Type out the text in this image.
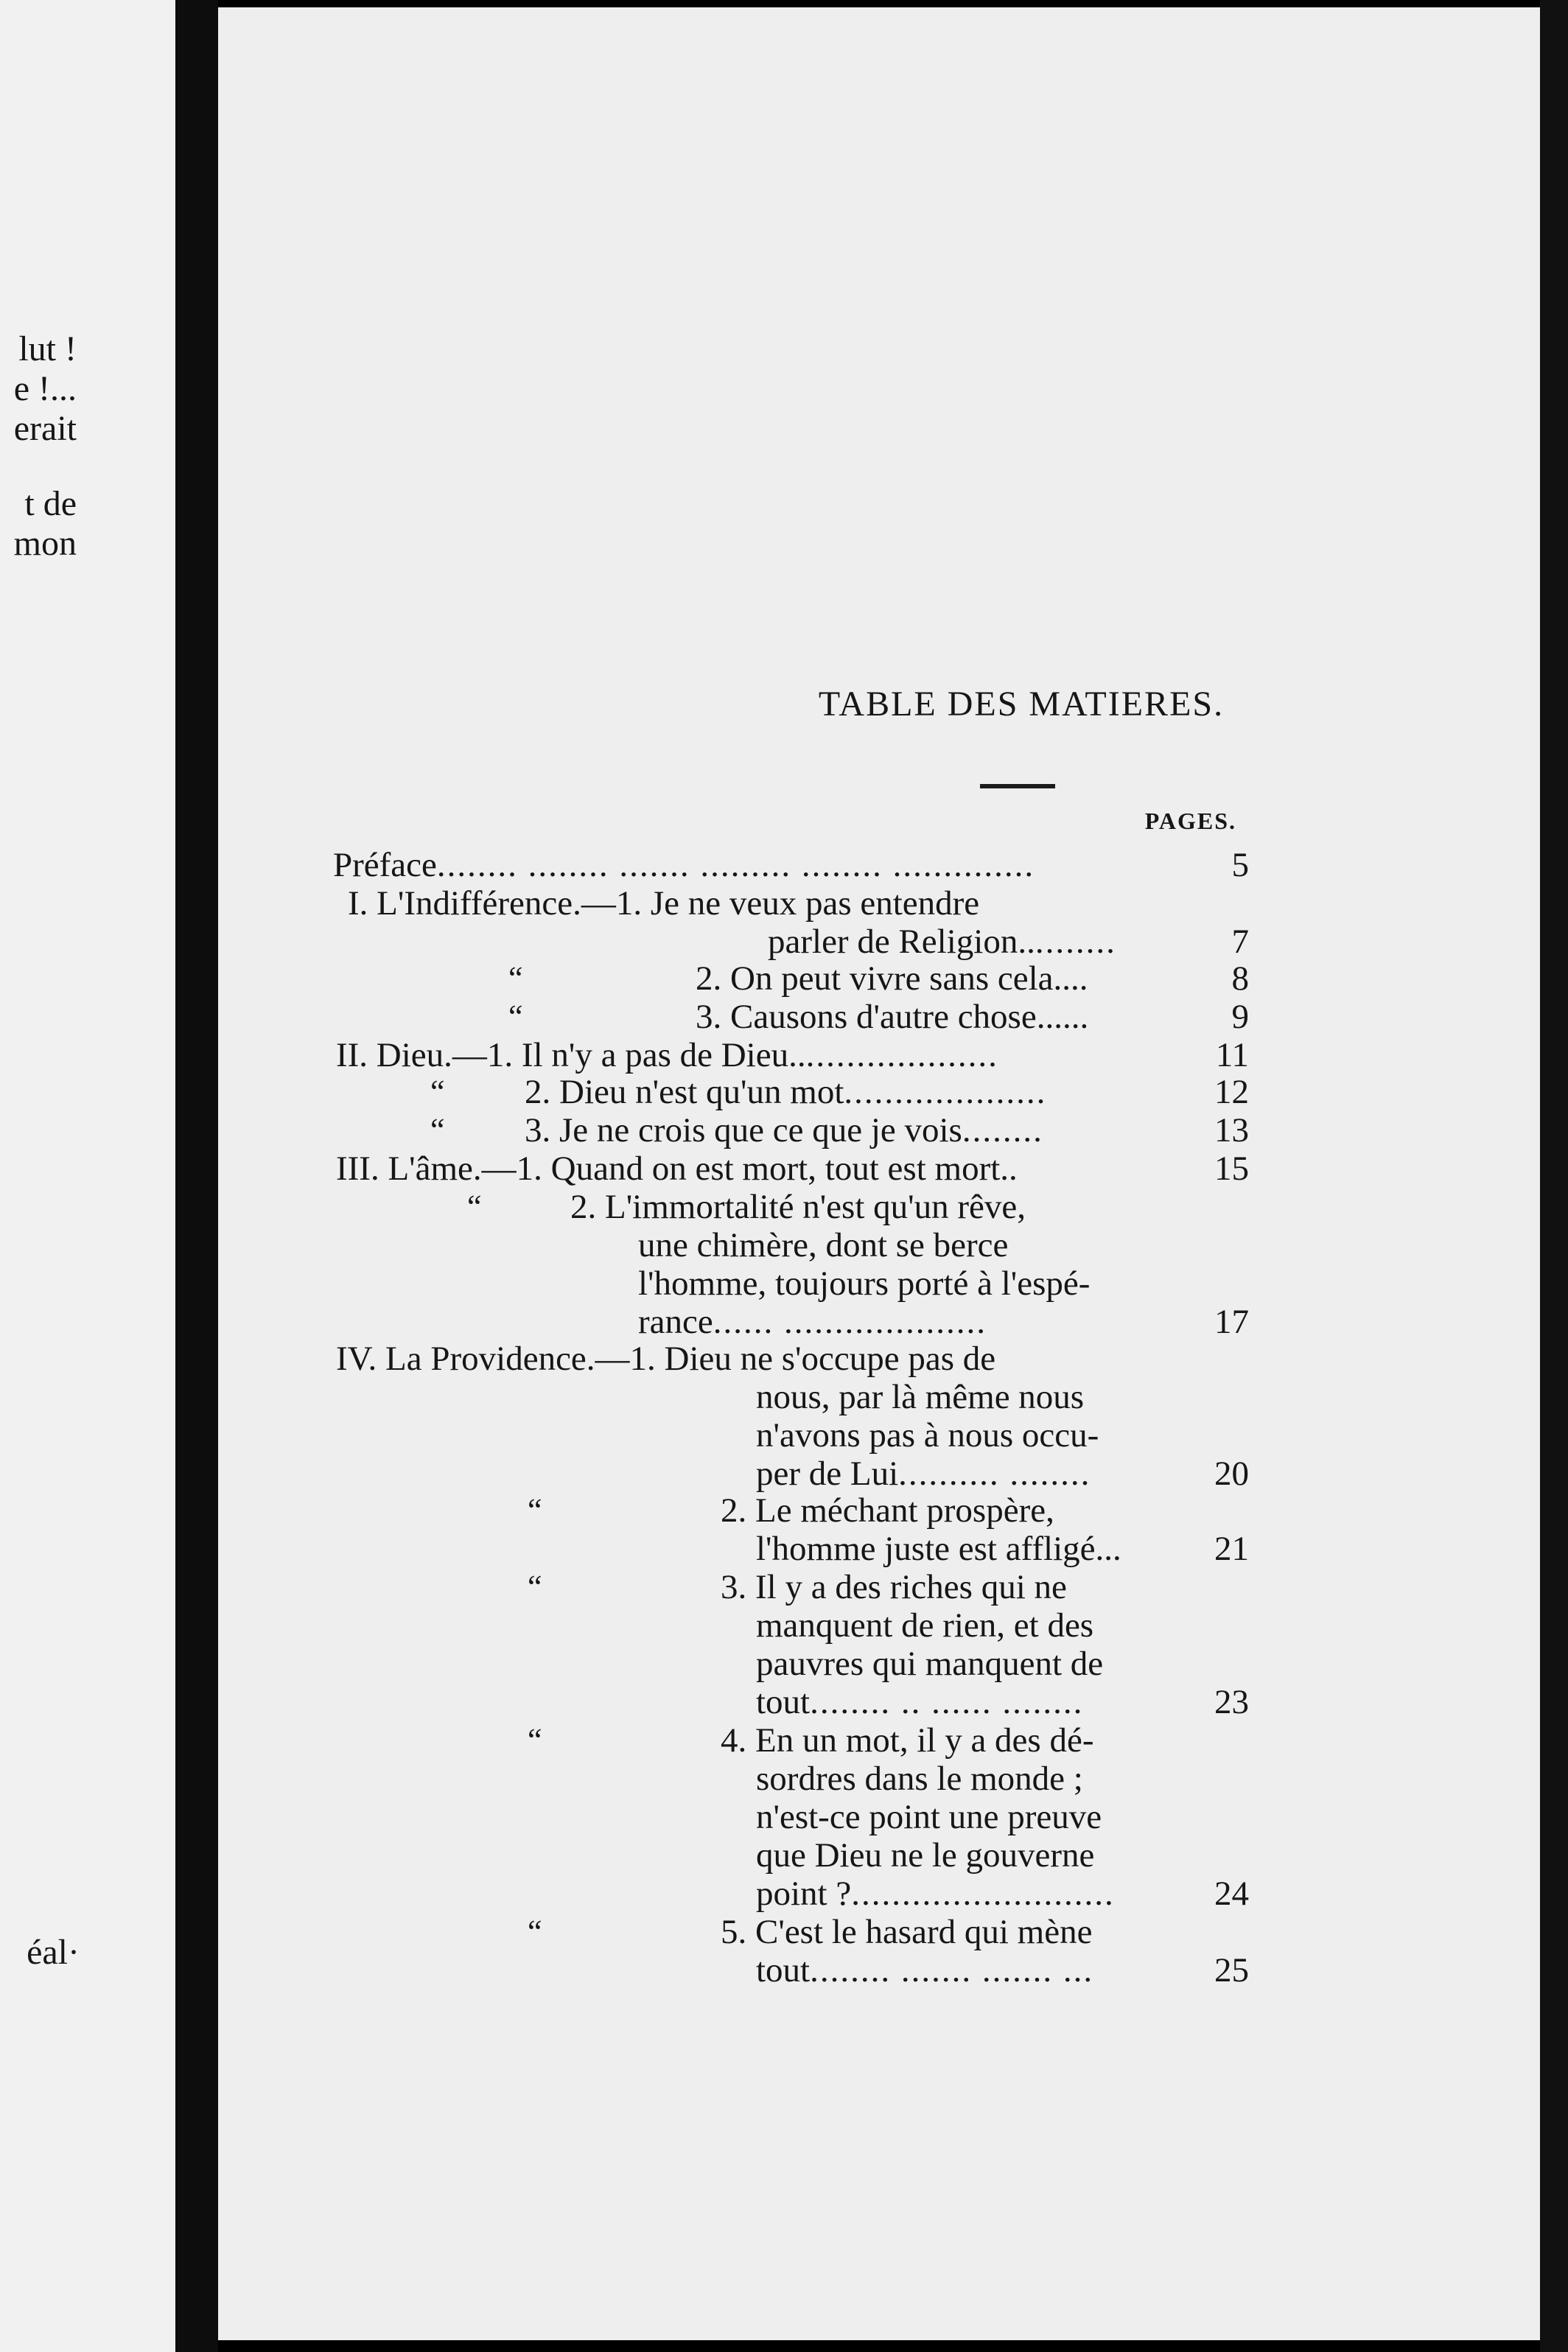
lut !
e !...
erait
t de
mon
éal·
TABLE DES MATIERES.
PAGES.
Préface........ ........ ....... ......... ........ ..............	5
I. L'Indifférence.—1. Je ne veux pas entendre
parler de Religion..........	7
“	2. On peut vivre sans cela....	8
“	3. Causons d'autre chose......	9
II. Dieu.—1. Il n'y a pas de Dieu.....................	11
“ 2. Dieu n'est qu'un mot....................	12
“ 3. Je ne crois que ce que je vois........	13
III. L'âme.—1. Quand on est mort, tout est mort..	15
“	2. L'immortalité n'est qu'un rêve,
une chimère, dont se berce
l'homme, toujours porté à l'espé-
rance...... ....................	17
IV. La Providence.—1. Dieu ne s'occupe pas de
nous, par là même nous
n'avons pas à nous occu-
per de Lui.......... ........	20
“	2. Le méchant prospère,
l'homme juste est affligé...	21
“	3. Il y a des riches qui ne
manquent de rien, et des
pauvres qui manquent de
tout........ .. ...... ........	23
“	4. En un mot, il y a des dé-
sordres dans le monde ;
n'est-ce point une preuve
que Dieu ne le gouverne
point ?..........................	24
“	5. C'est le hasard qui mène
tout........ ....... ....... ...	25
